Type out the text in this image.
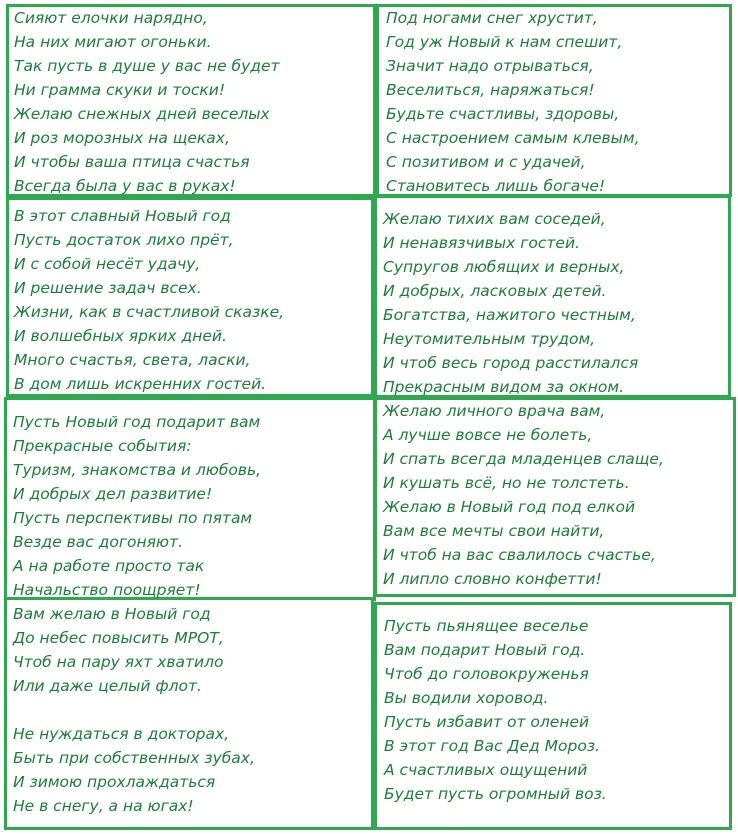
Сияют елочки нарядно,
На них мигают огоньки.
Так пусть в душе у вас не будет
Ни грамма скуки и тоски!
Желаю снежных дней веселых
И роз морозных на щеках,
И чтобы ваша птица счастья
Всегда была у вас в руках!
Под ногами снег хрустит,
Год уж Новый к нам спешит,
Значит надо отрываться,
Веселиться, наряжаться!
Будьте счастливы, здоровы,
С настроением самым клевым,
С позитивом и с удачей,
Становитесь лишь богаче!
В этот славный Новый год
Пусть достаток лихо прёт,
И с собой несёт удачу,
И решение задач всех.
Жизни, как в счастливой сказке,
И волшебных ярких дней.
Много счастья, света, ласки,
В дом лишь искренних гостей.
Желаю тихих вам соседей,
И ненавязчивых гостей.
Супругов любящих и верных,
И добрых, ласковых детей.
Богатства, нажитого честным,
Неутомительным трудом,
И чтоб весь город расстилался
Прекрасным видом за окном.
Пусть Новый год подарит вам
Прекрасные события:
Туризм, знакомства и любовь,
И добрых дел развитие!
Пусть перспективы по пятам
Везде вас догоняют.
А на работе просто так
Начальство поощряет!
Желаю личного врача вам,
А лучше вовсе не болеть,
И спать всегда младенцев слаще,
И кушать всё, но не толстеть.
Желаю в Новый год под елкой
Вам все мечты свои найти,
И чтоб на вас свалилось счастье,
И липло словно конфетти!
Вам желаю в Новый год
До небес повысить МРОТ,
Чтоб на пару яхт хватило
Или даже целый флот.
Не нуждаться в докторах,
Быть при собственных зубах,
И зимою прохлаждаться
Не в снегу, а на югах!
Пусть пьянящее веселье
Вам подарит Новый год.
Чтоб до головокруженья
Вы водили хоровод.
Пусть избавит от оленей
В этот год Вас Дед Мороз.
А счастливых ощущений
Будет пусть огромный воз.
